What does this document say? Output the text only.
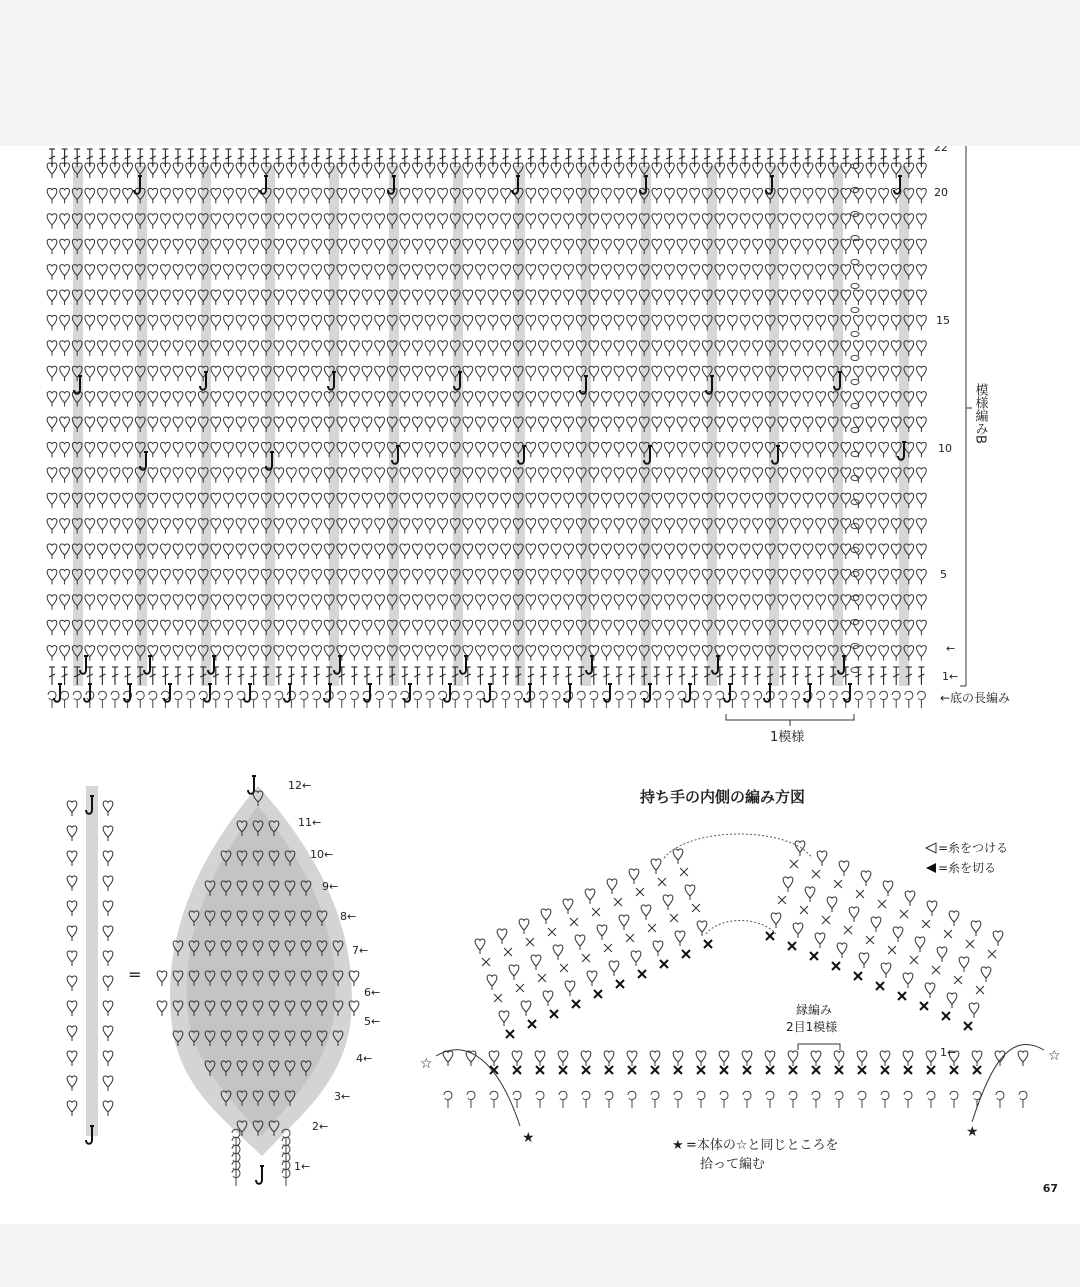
22
20
15
10
5
←
1←
模様編みB
←底の長編み
1模様
=
12←
11←
10←
9←
8←
7←
6←
5←
4←
3←
2←
1←
持ち手の内側の編み方図
=糸をつける
=糸を切る
縁編み
2目1模様
1←
☆	☆
★	★
★ =本体の☆と同じところを
拾って編む
67
